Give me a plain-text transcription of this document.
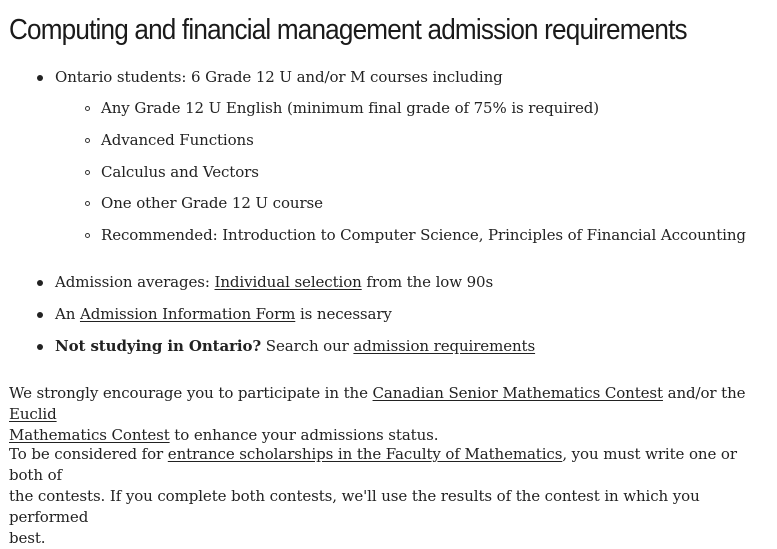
Computing and financial management admission requirements
Ontario students: 6 Grade 12 U and/or M courses including
Any Grade 12 U English (minimum final grade of 75% is required)
Advanced Functions
Calculus and Vectors
One other Grade 12 U course
Recommended: Introduction to Computer Science, Principles of Financial Accounting
Admission averages: Individual selection from the low 90s
An Admission Information Form is necessary
Not studying in Ontario? Search our admission requirements
We strongly encourage you to participate in the Canadian Senior Mathematics Contest and/or the Euclid
Mathematics Contest to enhance your admissions status.
To be considered for entrance scholarships in the Faculty of Mathematics, you must write one or both of
the contests. If you complete both contests, we'll use the results of the contest in which you performed
best.
